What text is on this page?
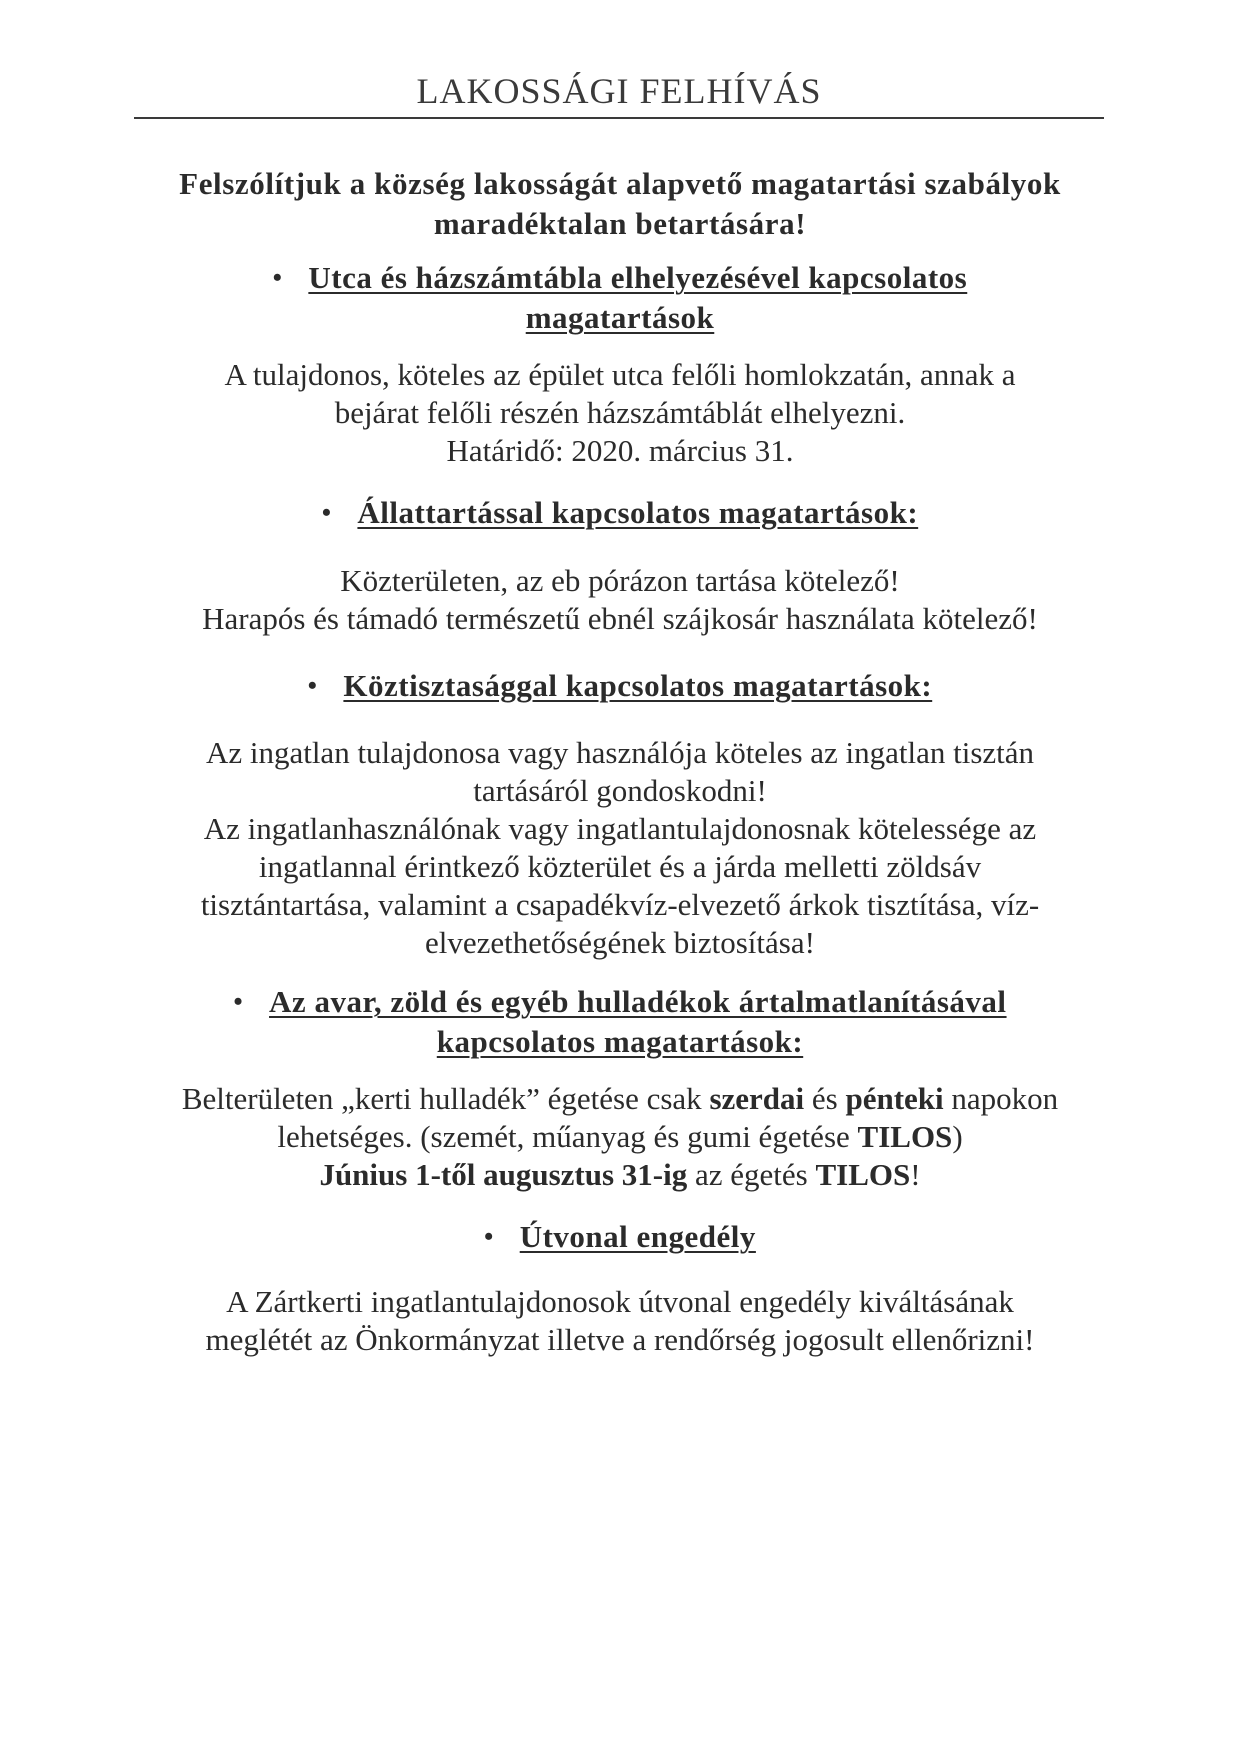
LAKOSSÁGI FELHÍVÁS
Felszólítjuk a község lakosságát alapvető magatartási szabályok
maradéktalan betartására!
• Utca és házszámtábla elhelyezésével kapcsolatos
magatartások
A tulajdonos, köteles az épület utca felőli homlokzatán, annak a
bejárat felőli részén házszámtáblát elhelyezni.
Határidő: 2020. március 31.
• Állattartással kapcsolatos magatartások:
Közterületen, az eb pórázon tartása kötelező!
Harapós és támadó természetű ebnél szájkosár használata kötelező!
• Köztisztasággal kapcsolatos magatartások:
Az ingatlan tulajdonosa vagy használója köteles az ingatlan tisztán
tartásáról gondoskodni!
Az ingatlanhasználónak vagy ingatlantulajdonosnak kötelessége az
ingatlannal érintkező közterület és a járda melletti zöldsáv
tisztántartása, valamint a csapadékvíz-elvezető árkok tisztítása, víz-
elvezethetőségének biztosítása!
• Az avar, zöld és egyéb hulladékok ártalmatlanításával
kapcsolatos magatartások:
Belterületen „kerti hulladék” égetése csak szerdai és pénteki napokon
lehetséges. (szemét, műanyag és gumi égetése TILOS)
Június 1-től augusztus 31-ig az égetés TILOS!
• Útvonal engedély
A Zártkerti ingatlantulajdonosok útvonal engedély kiváltásának
meglétét az Önkormányzat illetve a rendőrség jogosult ellenőrizni!
